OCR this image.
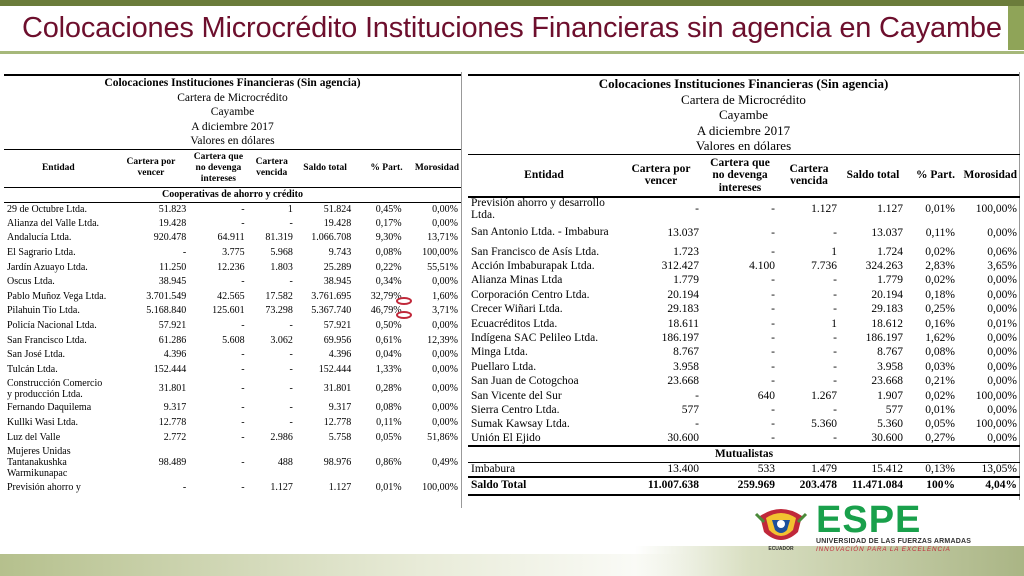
Colocaciones Microcrédito Instituciones Financieras sin agencia en Cayambe
Colocaciones Instituciones Financieras (Sin agencia)
Cartera de Microcrédito
Cayambe
A diciembre 2017
Valores en dólares
Entidad	Cartera por vencer	Cartera que no devenga intereses	Cartera vencida	Saldo total	% Part.	Morosidad
Cooperativas de ahorro y crédito						
29 de Octubre Ltda.	51.823	-	1	51.824	0,45%	0,00%
Alianza del Valle Ltda.	19.428	-	-	19.428	0,17%	0,00%
Andalucía Ltda.	920.478	64.911	81.319	1.066.708	9,30%	13,71%
El Sagrario Ltda.	-	3.775	5.968	9.743	0,08%	100,00%
Jardín Azuayo Ltda.	11.250	12.236	1.803	25.289	0,22%	55,51%
Oscus Ltda.	38.945	-	-	38.945	0,34%	0,00%
Pablo Muñoz Vega Ltda.	3.701.549	42.565	17.582	3.761.695	32,79%	1,60%
Pilahuin Tío Ltda.	5.168.840	125.601	73.298	5.367.740	46,79%	3,71%
Policía Nacional Ltda.	57.921	-	-	57.921	0,50%	0,00%
San Francisco Ltda.	61.286	5.608	3.062	69.956	0,61%	12,39%
San José Ltda.	4.396	-	-	4.396	0,04%	0,00%
Tulcán Ltda.	152.444	-	-	152.444	1,33%	0,00%
Construcción Comercio y producción Ltda.	31.801	-	-	31.801	0,28%	0,00%
Fernando Daquilema	9.317	-	-	9.317	0,08%	0,00%
Kullki Wasi Ltda.	12.778	-	-	12.778	0,11%	0,00%
Luz del Valle	2.772	-	2.986	5.758	0,05%	51,86%
Mujeres Unidas Tantanakushka Warmikunapac	98.489	-	488	98.976	0,86%	0,49%
Previsión ahorro y	-	-	1.127	1.127	0,01%	100,00%
Colocaciones Instituciones Financieras (Sin agencia)
Cartera de Microcrédito
Cayambe
A diciembre 2017
Valores en dólares
Entidad	Cartera por vencer	Cartera que no devenga intereses	Cartera vencida	Saldo total	% Part.	Morosidad
Previsión ahorro y desarrollo Ltda.	-	-	1.127	1.127	0,01%	100,00%
San Antonio Ltda. - Imbabura	13.037	-	-	13.037	0,11%	0,00%
San Francisco de Asís Ltda.	1.723	-	1	1.724	0,02%	0,06%
Acción Imbaburapak Ltda.	312.427	4.100	7.736	324.263	2,83%	3,65%
Alianza Minas Ltda	1.779	-	-	1.779	0,02%	0,00%
Corporación Centro Ltda.	20.194	-	-	20.194	0,18%	0,00%
Crecer Wiñari Ltda.	29.183	-	-	29.183	0,25%	0,00%
Ecuacréditos Ltda.	18.611	-	1	18.612	0,16%	0,01%
Indígena SAC Pelileo Ltda.	186.197	-	-	186.197	1,62%	0,00%
Minga Ltda.	8.767	-	-	8.767	0,08%	0,00%
Puellaro Ltda.	3.958	-	-	3.958	0,03%	0,00%
San Juan de Cotogchoa	23.668	-	-	23.668	0,21%	0,00%
San Vicente del Sur	-	640	1.267	1.907	0,02%	100,00%
Sierra Centro Ltda.	577	-	-	577	0,01%	0,00%
Sumak Kawsay Ltda.	-	-	5.360	5.360	0,05%	100,00%
Unión El Ejido	30.600	-	-	30.600	0,27%	0,00%
Mutualistas						
Imbabura	13.400	533	1.479	15.412	0,13%	13,05%
Saldo Total	11.007.638	259.969	203.478	11.471.084	100%	4,04%
ECUADOR
ESPE
UNIVERSIDAD DE LAS FUERZAS ARMADAS
INNOVACIÓN PARA LA EXCELENCIA
